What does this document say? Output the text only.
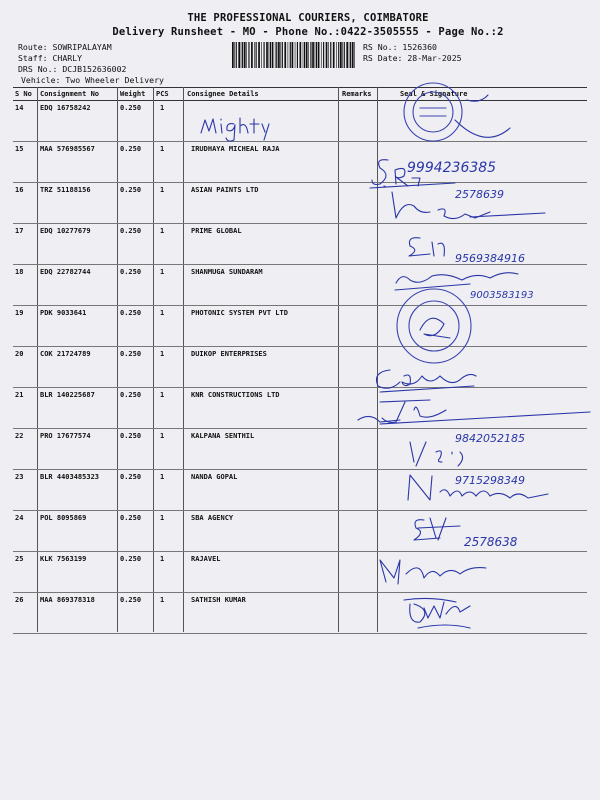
THE PROFESSIONAL COURIERS, COIMBATORE
Delivery Runsheet - MO - Phone No.:0422-3505555 - Page No.:2
Route: SOWRIPALAYAM
Staff: CHARLY
DRS No.: DCJB152636002
Vehicle: Two Wheeler Delivery
RS No.: 1526360
RS Date: 28-Mar-2025
S No Consignment No	Weight PCS	Consignee Details	Remarks	Seal & Signature
14 EDQ 16758242	0.250	1
15 MAA 576985567	0.250	1	IRUDHAYA MICHEAL RAJA
16 TRZ 51188156	0.250	1	ASIAN PAINTS LTD
17 EDQ 10277679	0.250	1	PRIME GLOBAL
18 EDQ 22782744	0.250	1	SHANMUGA SUNDARAM
19 PDK 9033641	0.250	1	PHOTONIC SYSTEM PVT LTD
20 COK 21724789	0.250	1	DUIKOP ENTERPRISES
21 BLR 140225687	0.250	1	KNR CONSTRUCTIONS LTD
22 PRO 17677574	0.250	1	KALPANA SENTHIL
23 BLR 4403485323	0.250	1	NANDA GOPAL
24 POL 8095869	0.250	1	SBA AGENCY
25 KLK 7563199	0.250	1	RAJAVEL
26 MAA 869378318	0.250	1	SATHISH KUMAR
9994236385
2578639
9569384916
9003583193
9842052185
9715298349
2578638
